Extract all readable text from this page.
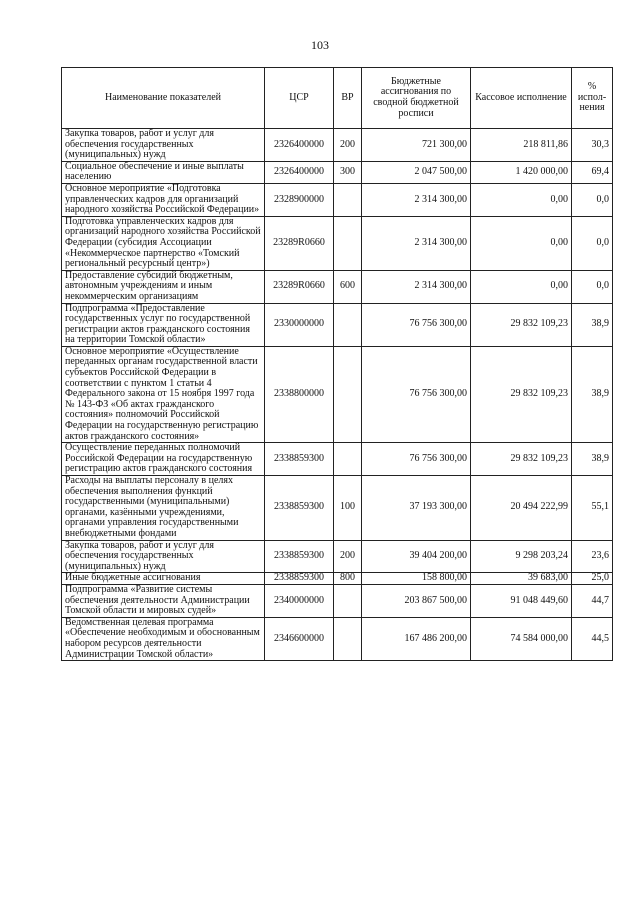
103
Наименование показателей	ЦСР	ВР	Бюджетные ассигнования по сводной бюджетной росписи	Кассовое исполнение	% испол-нения
Закупка товаров, работ и услуг для обеспечения государственных (муниципальных) нужд	2326400000	200	721 300,00	218 811,86	30,3
Социальное обеспечение и иные выплаты населению	2326400000	300	2 047 500,00	1 420 000,00	69,4
Основное мероприятие «Подготовка управленческих кадров для организаций народного хозяйства Российской Федерации»	2328900000		2 314 300,00	0,00	0,0
Подготовка управленческих кадров для организаций народного хозяйства Российской Федерации (субсидия Ассоциации «Некоммерческое партнерство «Томский региональный ресурсный центр»)	23289R0660		2 314 300,00	0,00	0,0
Предоставление субсидий бюджетным, автономным учреждениям и иным некоммерческим организациям	23289R0660	600	2 314 300,00	0,00	0,0
Подпрограмма «Предоставление государственных услуг по государственной регистрации актов гражданского состояния на территории Томской области»	2330000000		76 756 300,00	29 832 109,23	38,9
Основное мероприятие «Осуществление переданных органам государственной власти субъектов Российской Федерации в соответствии с пунктом 1 статьи 4 Федерального закона от 15 ноября 1997 года № 143-ФЗ «Об актах гражданского состояния» полномочий Российской Федерации на государственную регистрацию актов гражданского состояния»	2338800000		76 756 300,00	29 832 109,23	38,9
Осуществление переданных полномочий Российской Федерации на государственную регистрацию актов гражданского состояния	2338859300		76 756 300,00	29 832 109,23	38,9
Расходы на выплаты персоналу в целях обеспечения выполнения функций государственными (муниципальными) органами, казёнными учреждениями, органами управления государственными внебюджетными фондами	2338859300	100	37 193 300,00	20 494 222,99	55,1
Закупка товаров, работ и услуг для обеспечения государственных (муниципальных) нужд	2338859300	200	39 404 200,00	9 298 203,24	23,6
Иные бюджетные ассигнования	2338859300	800	158 800,00	39 683,00	25,0
Подпрограмма «Развитие системы обеспечения деятельности Администрации Томской области и мировых судей»	2340000000		203 867 500,00	91 048 449,60	44,7
Ведомственная целевая программа «Обеспечение необходимым и обоснованным набором ресурсов деятельности Администрации Томской области»	2346600000		167 486 200,00	74 584 000,00	44,5
